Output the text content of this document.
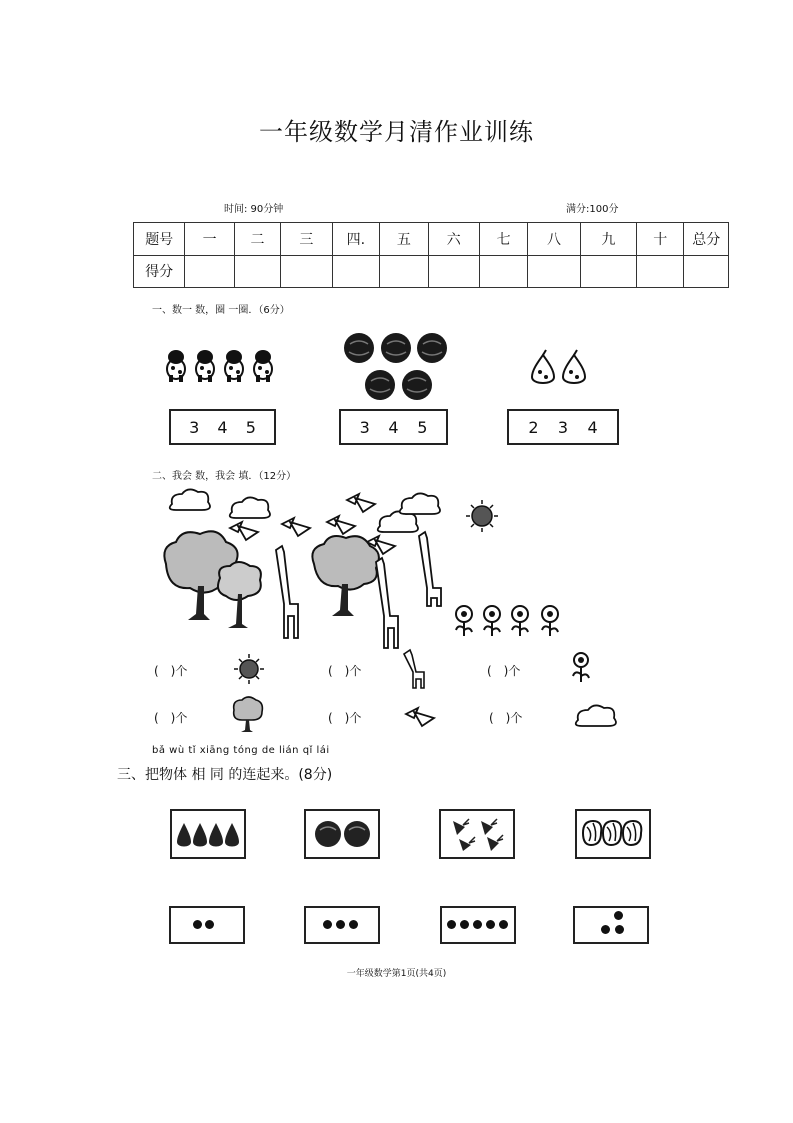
一年级数学月清作业训练
时间: 90分钟	满分:100分
题号	一	二	三	四.	五	六	七	八	九	十	总分
得分											
一、数一 数，圈 一圈．（6分）
3 4 5	3 4 5	2 3 4
二、我会 数，我会 填．（12分）
(　)个	(　)个	(　)个
(　)个	(　)个	(　)个
bǎ wù tǐ xiāng tóng de lián qǐ lái
三、把物体 相 同 的连起来。(8分)
一年级数学第1页(共4页)
